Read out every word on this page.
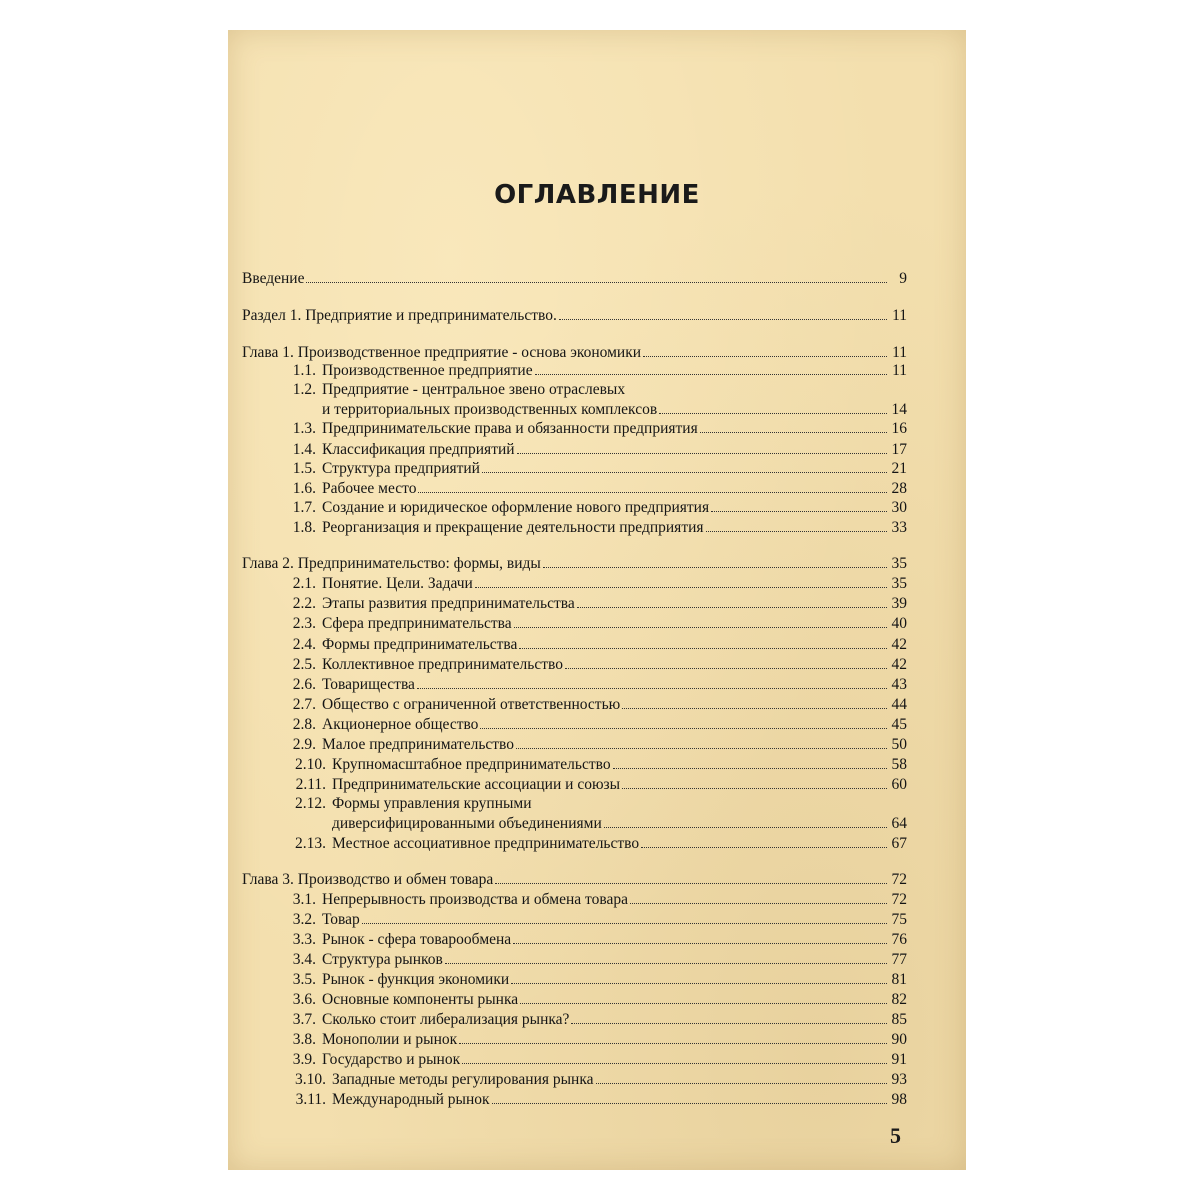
ОГЛАВЛЕНИЕ
Введение	9
Раздел 1. Предприятие и предпринимательство.	11
Глава 1. Производственное предприятие - основа экономики	11
1.1. Производственное предприятие	11
1.2. Предприятие - центральное звено отраслевых
и территориальных производственных комплексов	14
1.3. Предпринимательские права и обязанности предприятия	16
1.4. Классификация предприятий	17
1.5. Структура предприятий	21
1.6. Рабочее место	28
1.7. Создание и юридическое оформление нового предприятия	30
1.8. Реорганизация и прекращение деятельности предприятия	33
Глава 2. Предпринимательство: формы, виды	35
2.1. Понятие. Цели. Задачи	35
2.2. Этапы развития предпринимательства	39
2.3. Сфера предпринимательства	40
2.4. Формы предпринимательства	42
2.5. Коллективное предпринимательство	42
2.6. Товарищества	43
2.7. Общество с ограниченной ответственностью	44
2.8. Акционерное общество	45
2.9. Малое предпринимательство	50
2.10. Крупномасштабное предпринимательство	58
2.11. Предпринимательские ассоциации и союзы	60
2.12. Формы управления крупными
диверсифицированными объединениями	64
2.13. Местное ассоциативное предпринимательство	67
Глава 3. Производство и обмен товара	72
3.1. Непрерывность производства и обмена товара	72
3.2. Товар	75
3.3. Рынок - сфера товарообмена	76
3.4. Структура рынков	77
3.5. Рынок - функция экономики	81
3.6. Основные компоненты рынка	82
3.7. Сколько стоит либерализация рынка?	85
3.8. Монополии и рынок	90
3.9. Государство и рынок	91
3.10. Западные методы регулирования рынка	93
3.11. Международный рынок	98
5
